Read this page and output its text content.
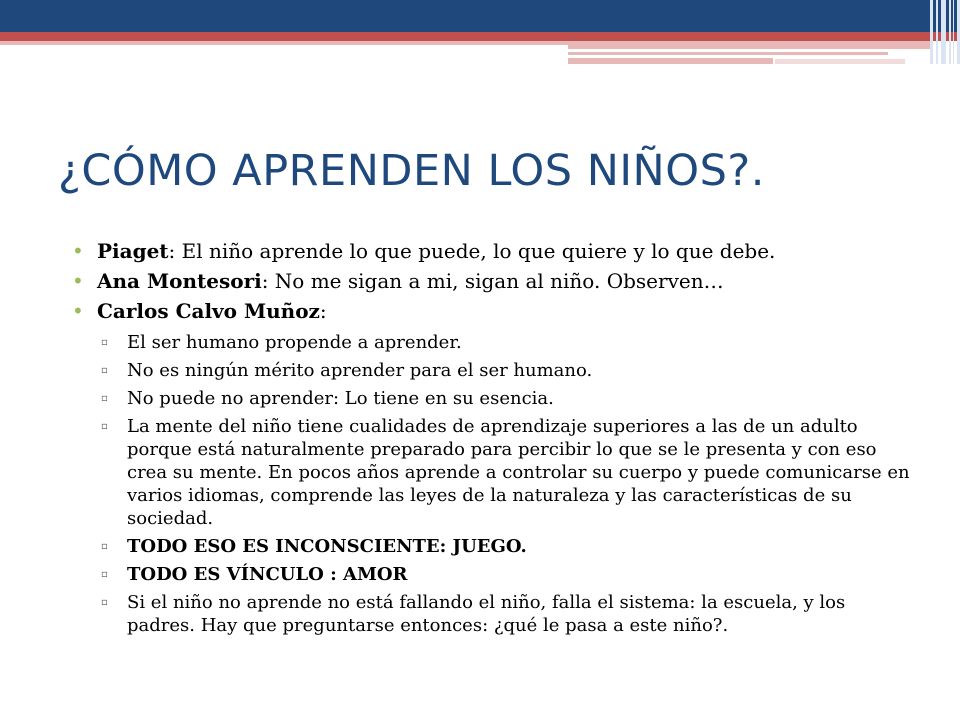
¿CÓMO APRENDEN LOS NIÑOS?.
• Piaget: El niño aprende lo que puede, lo que quiere y lo que debe.
• Ana Montesori: No me sigan a mi, sigan al niño. Observen…
• Carlos Calvo Muñoz:
▫ El ser humano propende a aprender.
▫ No es ningún mérito aprender para el ser humano.
▫ No puede no aprender: Lo tiene en su esencia.
▫ La mente del niño tiene cualidades de aprendizaje superiores a las de un adulto porque está naturalmente preparado para percibir lo que se le presenta y con eso crea su mente. En pocos años aprende a controlar su cuerpo y puede comunicarse en varios idiomas, comprende las leyes de la naturaleza y las características de su sociedad.
▫ TODO ESO ES INCONSCIENTE: JUEGO.
▫ TODO ES VÍNCULO : AMOR
▫ Si el niño no aprende no está fallando el niño, falla el sistema: la escuela, y los padres. Hay que preguntarse entonces: ¿qué le pasa a este niño?.
